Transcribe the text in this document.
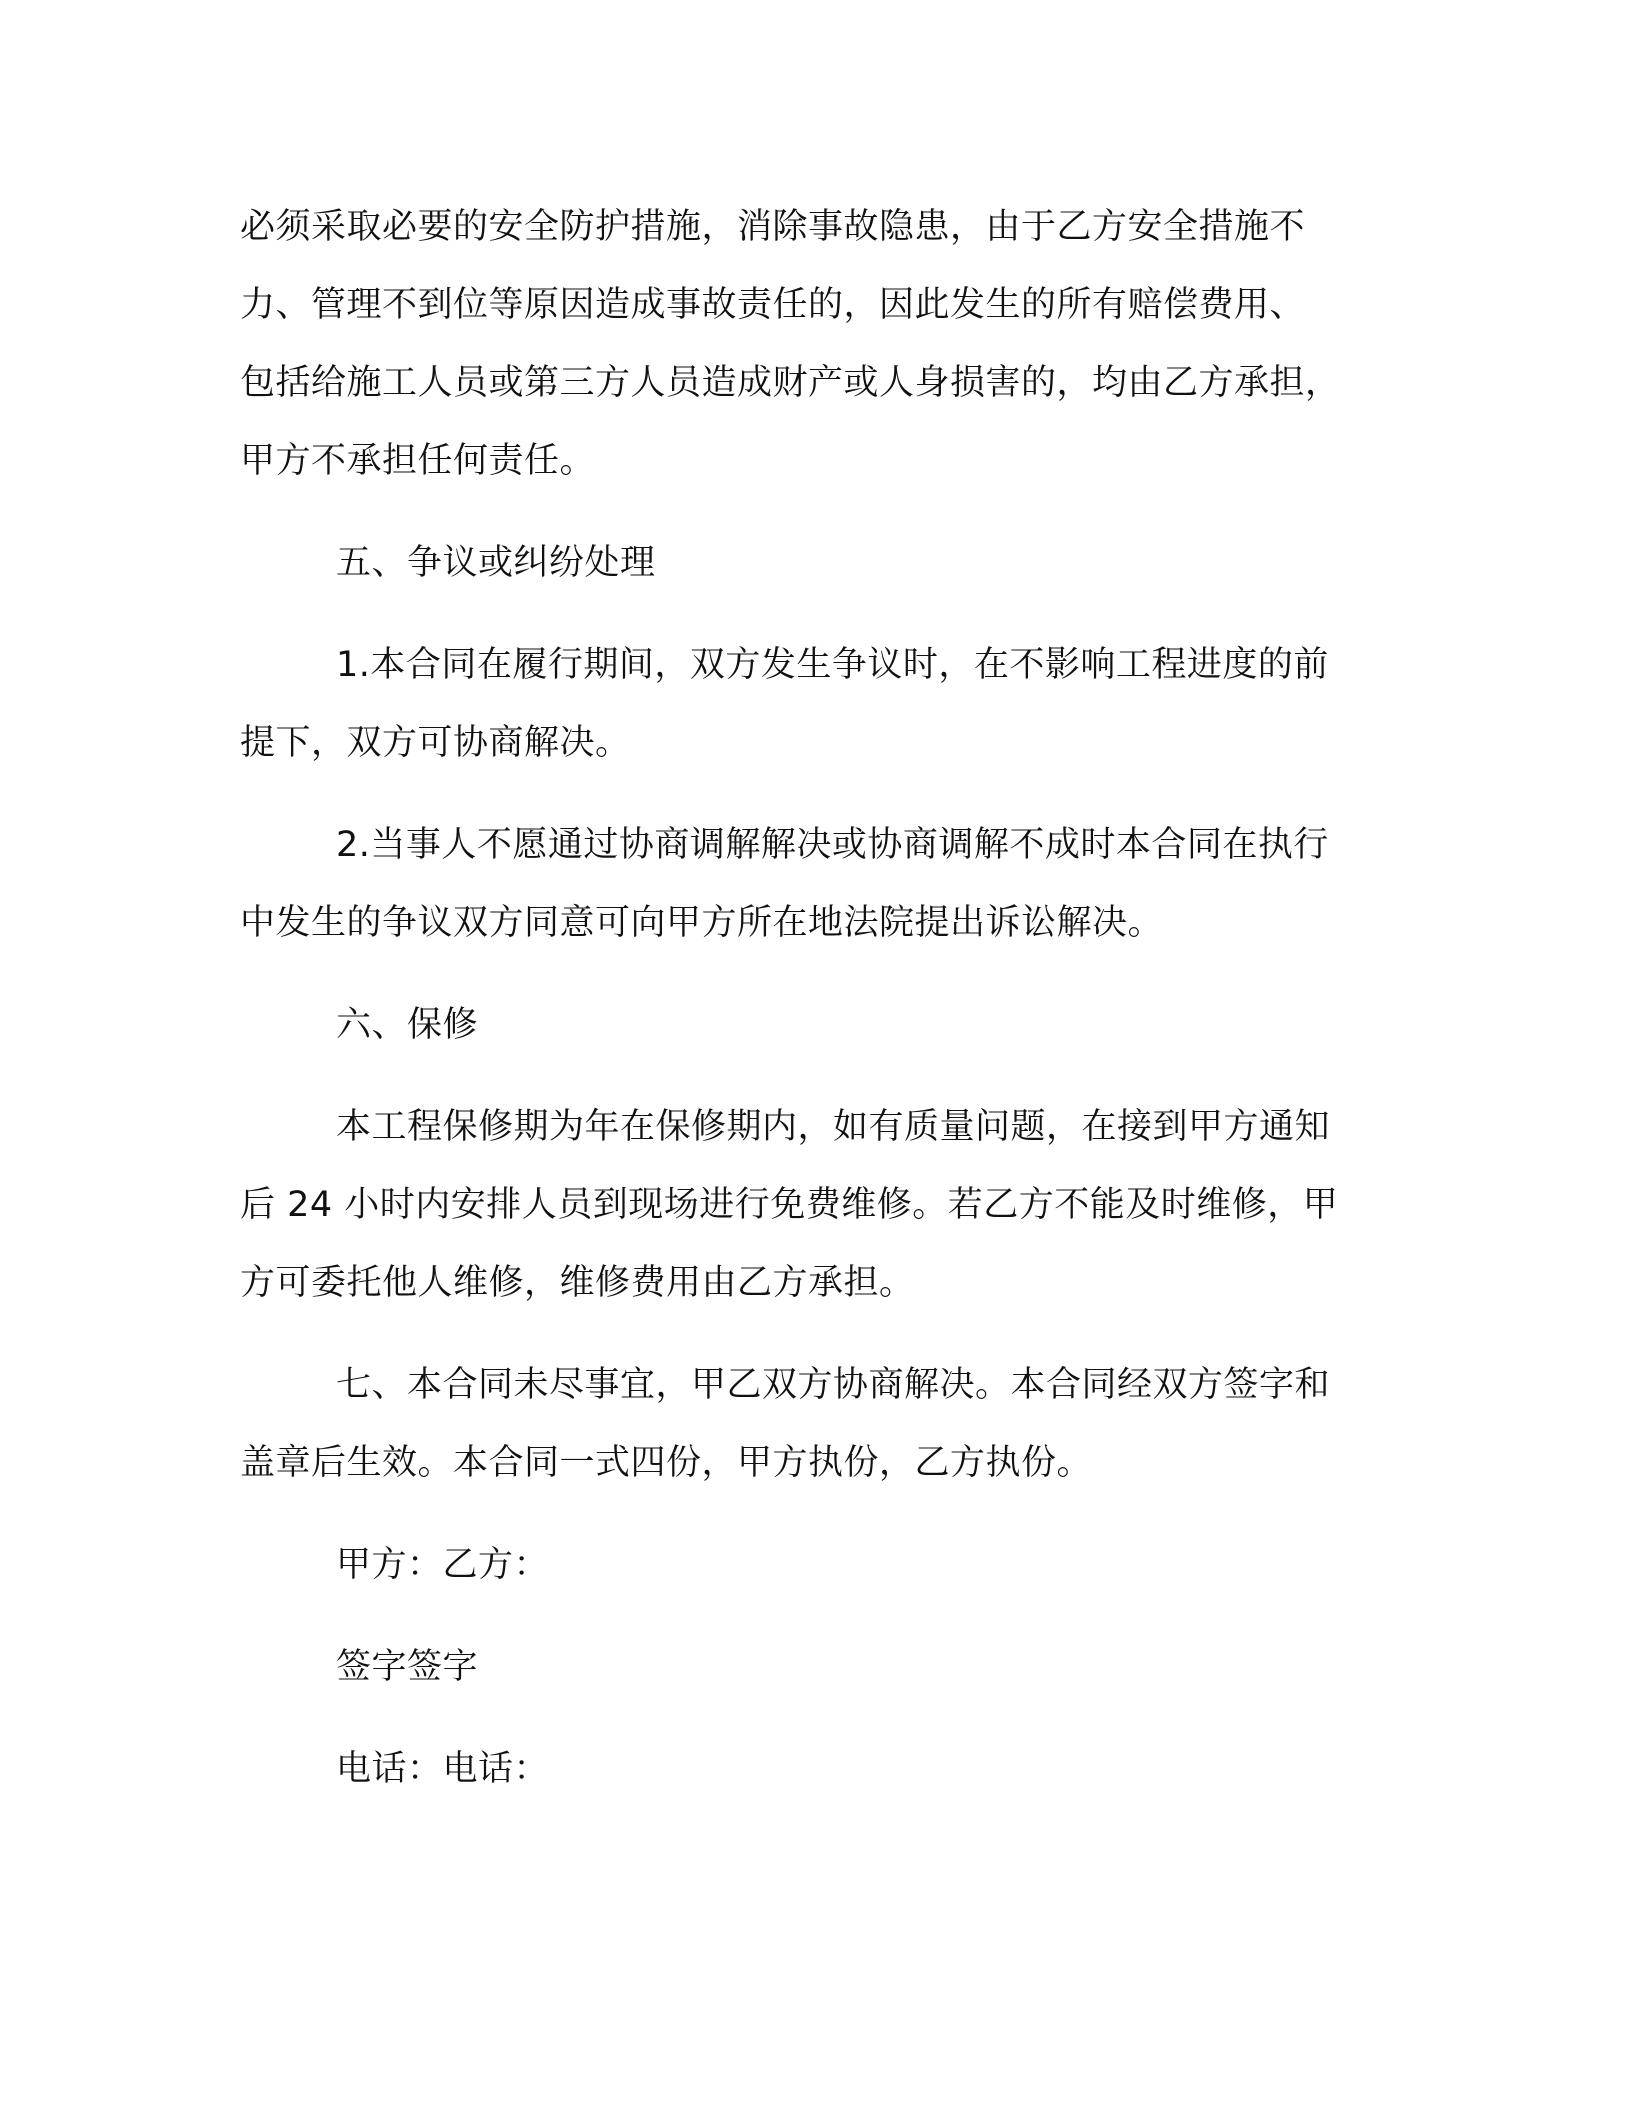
必须采取必要的安全防护措施，消除事故隐患，由于乙方安全措施不
力、管理不到位等原因造成事故责任的，因此发生的所有赔偿费用、
包括给施工人员或第三方人员造成财产或人身损害的，均由乙方承担，
甲方不承担任何责任。

五、争议或纠纷处理

1.本合同在履行期间，双方发生争议时，在不影响工程进度的前
提下，双方可协商解决。

2.当事人不愿通过协商调解解决或协商调解不成时本合同在执行
中发生的争议双方同意可向甲方所在地法院提出诉讼解决。

六、保修

本工程保修期为年在保修期内，如有质量问题，在接到甲方通知
后 24 小时内安排人员到现场进行免费维修。若乙方不能及时维修，甲
方可委托他人维修，维修费用由乙方承担。

七、本合同未尽事宜，甲乙双方协商解决。本合同经双方签字和
盖章后生效。本合同一式四份，甲方执份，乙方执份。

甲方：乙方：

签字签字

电话：电话：
